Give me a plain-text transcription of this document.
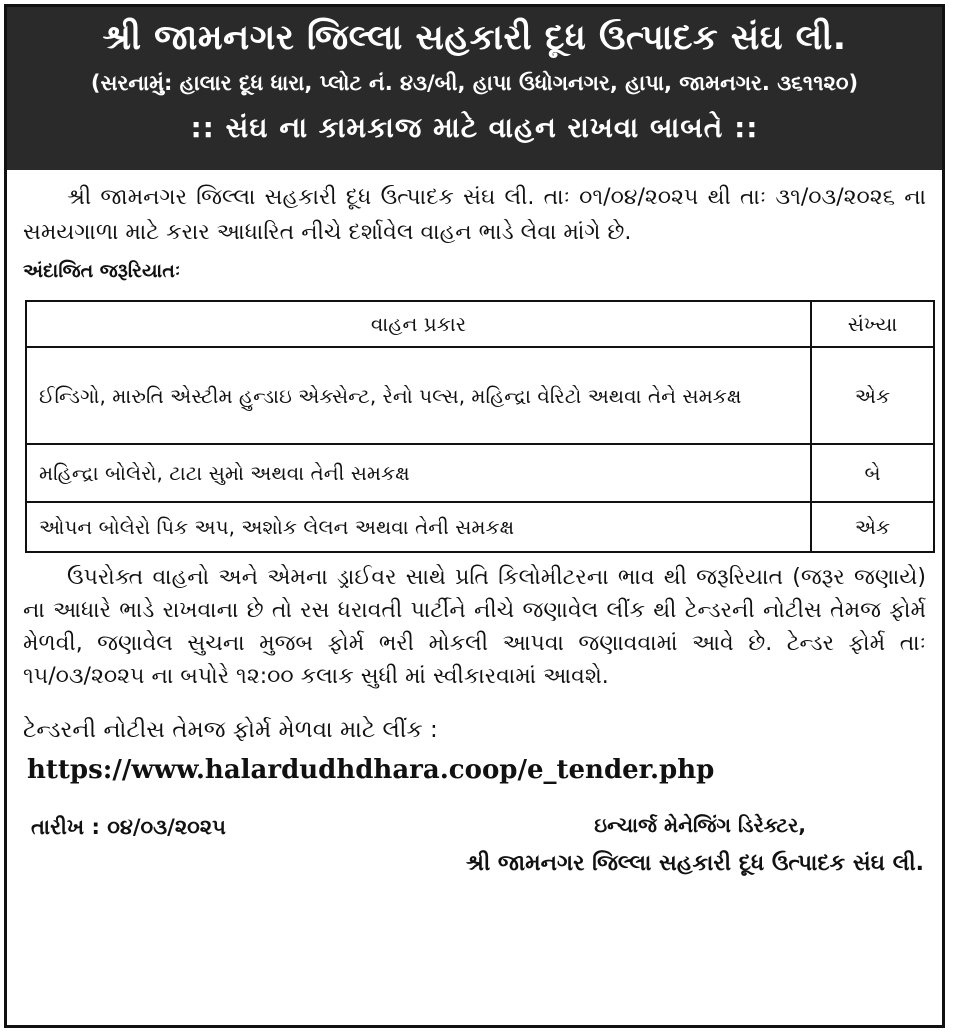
શ્રી જામનગર જિલ્લા સહકારી દૂધ ઉત્પાદક સંઘ લી.
(સરનામું: હાલાર દૂધ ધારા, પ્લોટ નં. ૪૩/બી, હાપા ઉધોગનગર, હાપા, જામનગર. ૩૬૧૧૨૦)
:: સંઘ ના કામકાજ માટે વાહન રાખવા બાબતે ::
શ્રી જામનગર જિલ્લા સહકારી દૂધ ઉત્પાદક સંઘ લી. તાઃ ૦૧/૦૪/૨૦૨૫ થી તાઃ ૩૧/૦૩/૨૦૨૬ ના સમયગાળા માટે કરાર આધારિત નીચે દર્શાવેલ વાહન ભાડે લેવા માંગે છે.
અંદાજિત જરૂરિયાતઃ
વાહન પ્રકાર	સંખ્યા
ઈન્ડિગો, મારુતિ એસ્ટીમ હુન્ડાઇ એક્સેન્ટ, રેનો પલ્સ, મહિન્દ્રા વેરિટો અથવા તેને સમકક્ષ	એક
મહિન્દ્રા બોલેરો, ટાટા સુમો અથવા તેની સમકક્ષ	બે
ઓપન બોલેરો પિક અપ, અશોક લેલન અથવા તેની સમકક્ષ	એક
ઉપરોક્ત વાહનો અને એમના ડ્રાઈવર સાથે પ્રતિ કિલોમીટરના ભાવ થી જરૂરિયાત (જરૂર જણાયે) ના આધારે ભાડે રાખવાના છે તો રસ ધરાવતી પાર્ટીને નીચે જણાવેલ લીંક થી ટેન્ડરની નોટીસ તેમજ ફોર્મ મેળવી, જણાવેલ સુચના મુજબ ફોર્મ ભરી મોકલી આપવા જણાવવામાં આવે છે. ટેન્ડર ફોર્મ તાઃ ૧૫/૦૩/૨૦૨૫ ના બપોરે ૧૨:૦૦ કલાક સુધી માં સ્વીકારવામાં આવશે.
ટેન્ડરની નોટીસ તેમજ ફોર્મ મેળવા માટે લીંક :
https://www.halardudhdhara.coop/e_tender.php
તારીખ : ૦૪/૦૩/૨૦૨૫	ઇન્ચાર્જ મેનેજિંગ ડિરેક્ટર,
શ્રી જામનગર જિલ્લા સહકારી દૂધ ઉત્પાદક સંઘ લી.
